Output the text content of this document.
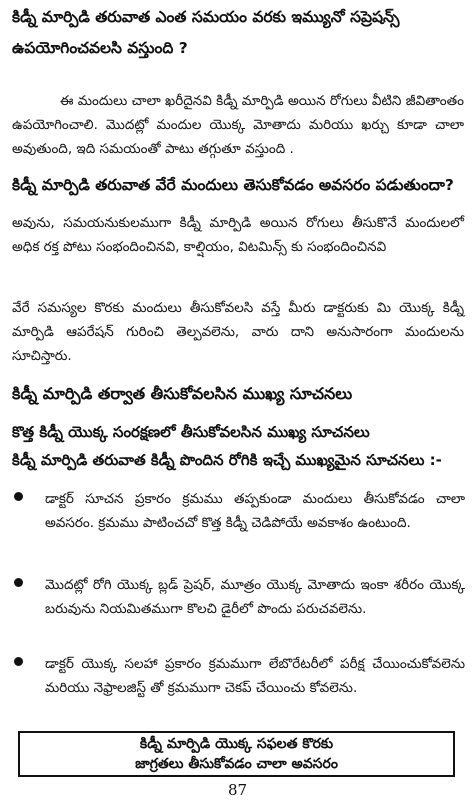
కిడ్నీ మార్పిడి తరువాత ఎంత సమయం వరకు ఇమ్యునో సప్రెషన్స్
ఉపయోగించవలసి వస్తుంది ?
ఈ మందులు చాలా ఖరీదైనవి కిడ్నీ మార్పిడి అయిన రోగులు వీటిని జీవితాంతం ఉపయోగించాలి. మొదట్లో మందుల యొక్క మోతాదు మరియు ఖర్చు కూడా చాలా అవుతుంది, ఇది సమయంతో పాటు తగ్గుతూ వస్తుంది .
కిడ్నీ మార్పిడి తరువాత వేరే మందులు తెసుకోవడం అవసరం పడుతుందా?
అవును, సమయనుకులముగా కిడ్నీ మార్పిడి అయిన రోగులు తీసుకొనే మందులలో అధిక రక్త పోటు సంభందించినవి, కాల్షియం, విటమిన్స్ కు సంభందించినవి
వేరే సమస్యల కొరకు మందులు తీసుకోవలసి వస్తే మీరు డాక్టరుకు మి యొక్క కిడ్నీ మార్పిడి ఆపరేషన్ గురించి తెల్పవలెను, వారు దాని అనుసారంగా మందులను సూచిస్తారు.
కిడ్నీ మార్పిడి తర్వాత తీసుకోవలసిన ముఖ్య సూచనలు
కొత్త కిడ్నీ యొక్క సంరక్షణలో తీసుకోవలసిన ముఖ్య సూచనలు
కిడ్నీ మార్పిడి తరువాత కిడ్నీ పొందిన రోగికి ఇచ్చే ముఖ్యమైన సూచనలు :-
డాక్టర్ సూచన ప్రకారం క్రమము తప్పకుండా మందులు తీసుకోవడం చాలా అవసరం. క్రమము పాటించచో కొత్త కిడ్నీ చెడిపోయే అవకాశం ఉంటుంది.
మొదట్లో రోగి యొక్క బ్లడ్ ప్రెషర్, మూత్రం యొక్క మోతాదు ఇంకా శరీరం యొక్క బరువును నియమితముగా కొలచి డైరీలో పొందు పరుచవలెను.
డాక్టర్ యొక్క సలహా ప్రకారం క్రమముగా లేబొరేటరీలో పరీక్ష చేయించుకోవలెను మరియు నెఫ్రాలజిస్ట్ తో క్రమముగా చెకప్ చేయించు కోవలెను.
కిడ్నీ మార్పిడి యొక్క సఫలత కొరకు
జాగ్రతలు తీసుకోవడం చాలా అవసరం
87
